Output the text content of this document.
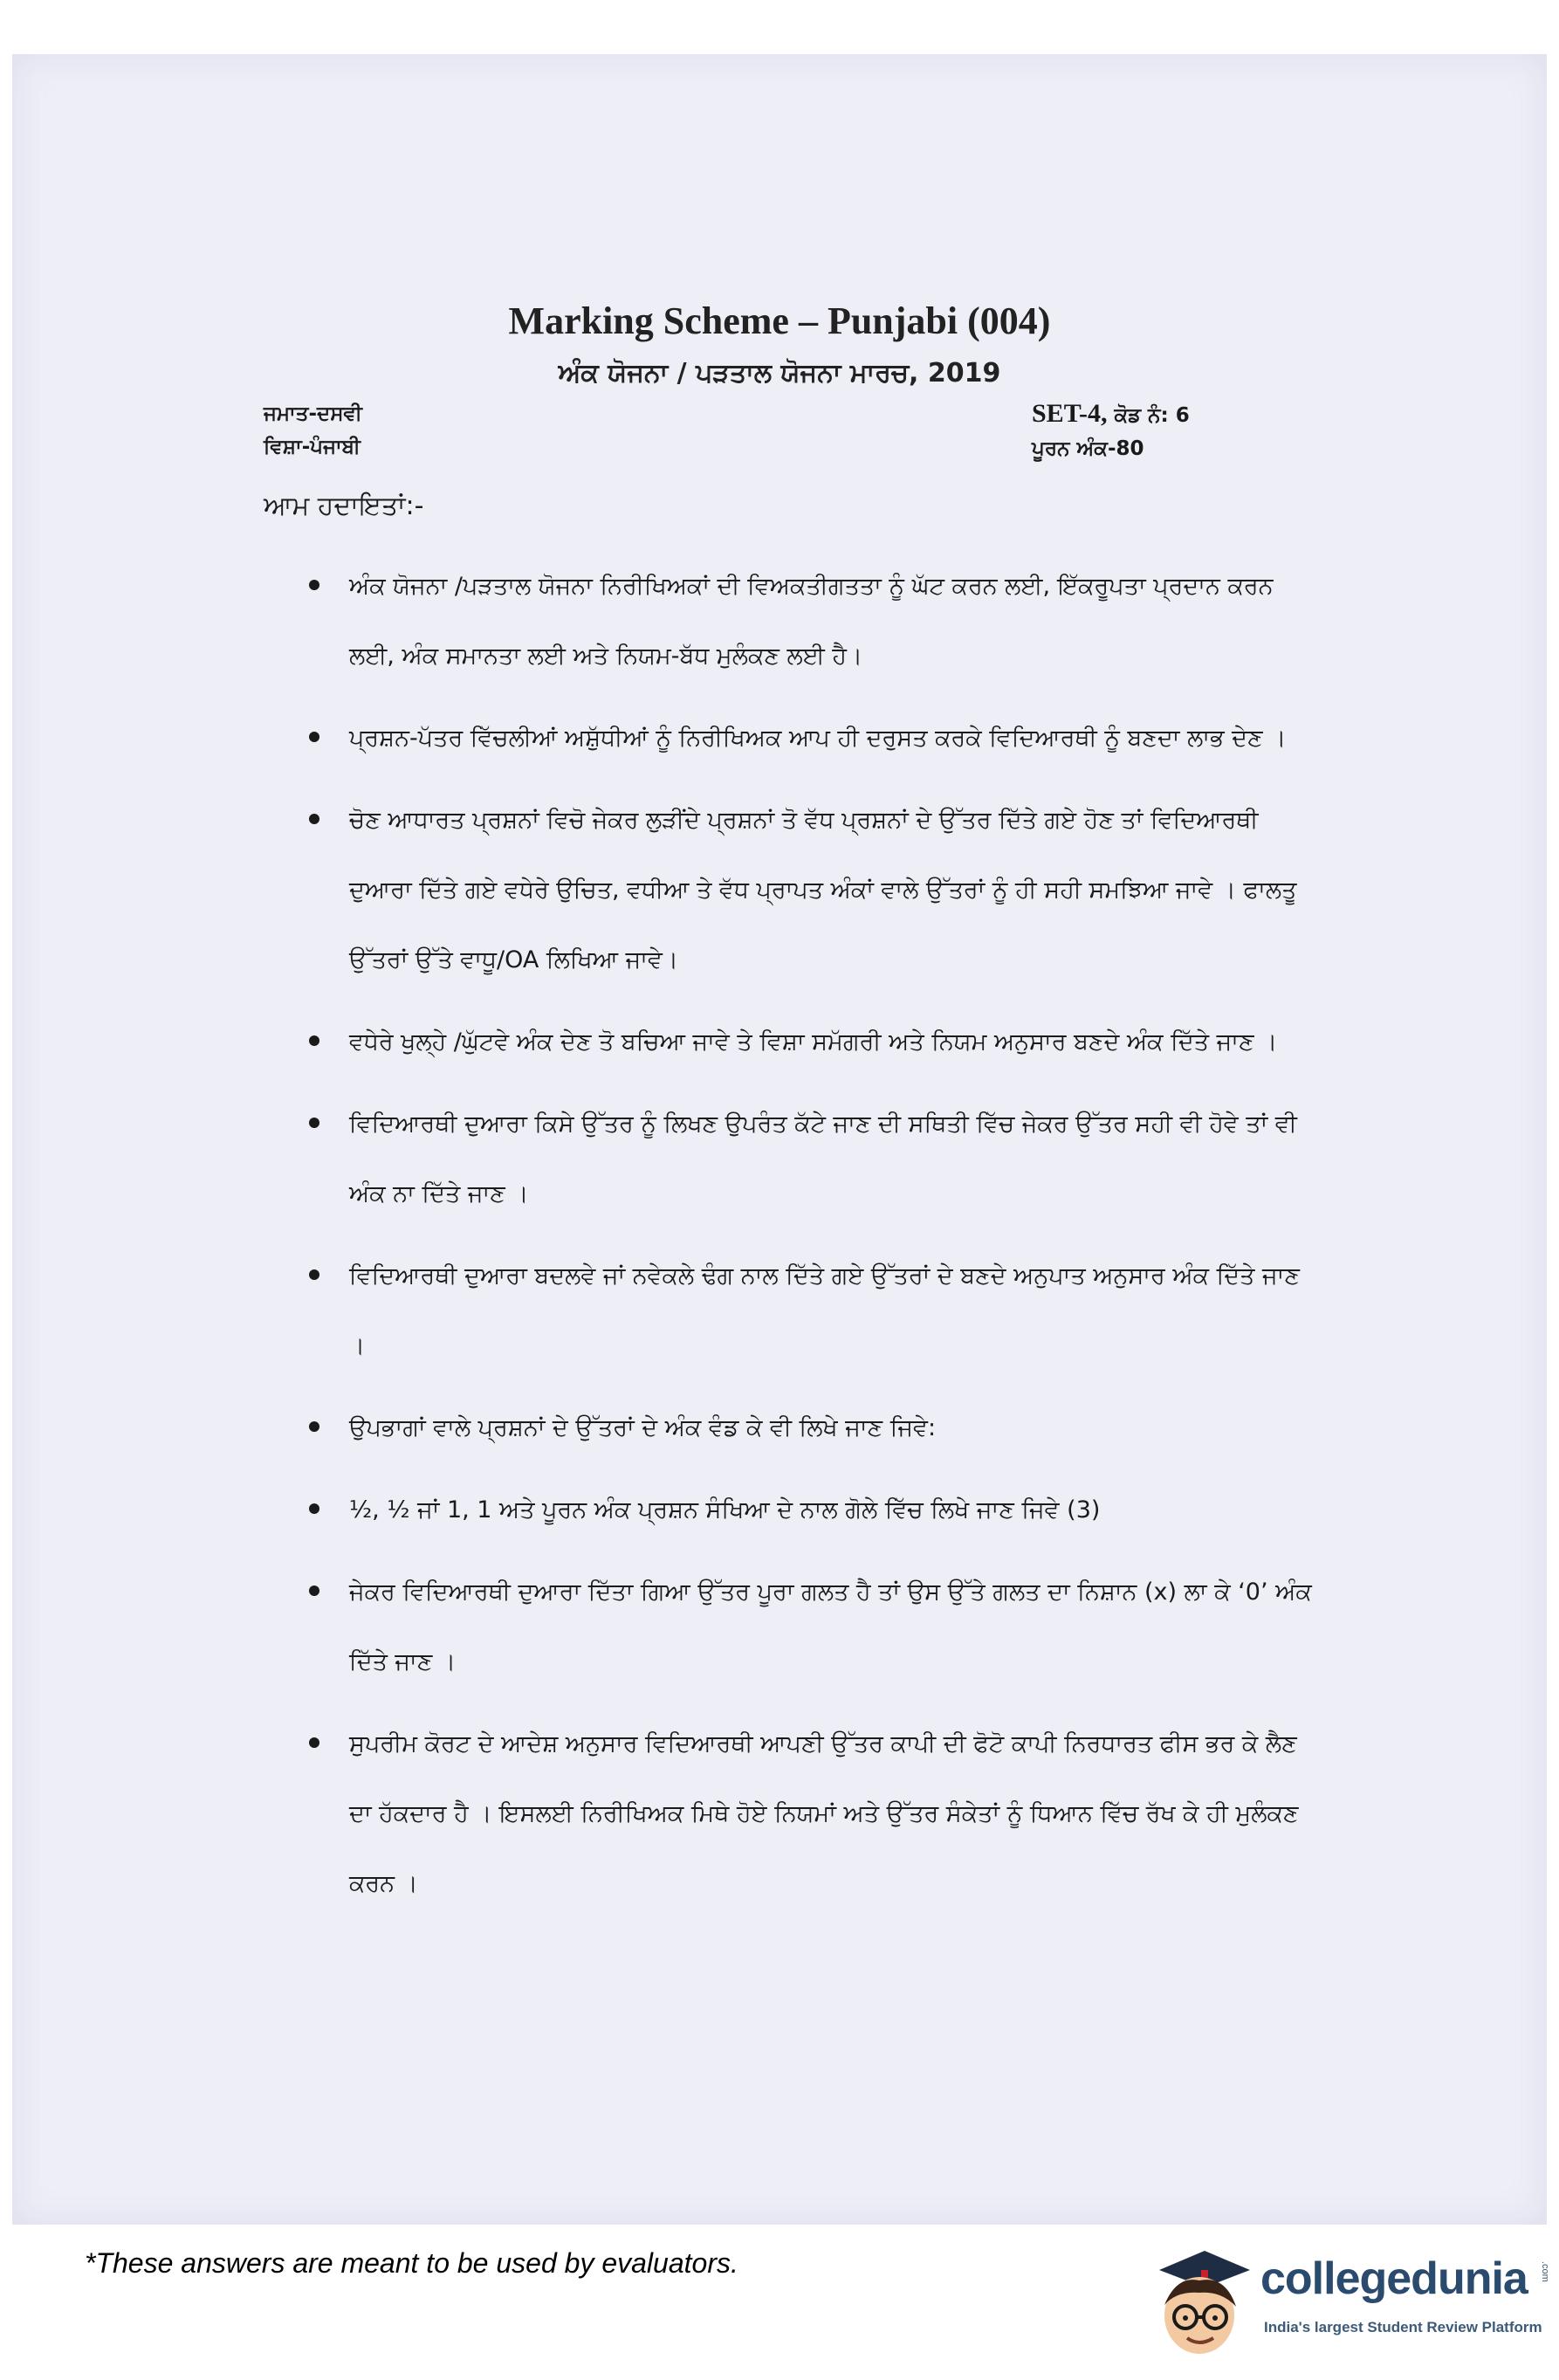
Marking Scheme – Punjabi (004)
ਅੰਕ ਯੋਜਨਾ / ਪੜਤਾਲ ਯੋਜਨਾ ਮਾਰਚ, 2019
ਜਮਾਤ-ਦਸਵੀ
ਵਿਸ਼ਾ-ਪੰਜਾਬੀ
SET-4, ਕੋਡ ਨੰ: 6
ਪੂਰਨ ਅੰਕ-80
ਆਮ ਹਦਾਇਤਾਂ:-
ਅੰਕ ਯੋਜਨਾ /ਪੜਤਾਲ ਯੋਜਨਾ ਨਿਰੀਖਿਅਕਾਂ ਦੀ ਵਿਅਕਤੀਗਤਤਾ ਨੂੰ ਘੱਟ ਕਰਨ ਲਈ, ਇੱਕਰੂਪਤਾ ਪ੍ਰਦਾਨ ਕਰਨ ਲਈ, ਅੰਕ ਸਮਾਨਤਾ ਲਈ ਅਤੇ ਨਿਯਮ-ਬੱਧ ਮੁਲੰਕਣ ਲਈ ਹੈ।
ਪ੍ਰਸ਼ਨ-ਪੱਤਰ ਵਿੱਚਲੀਆਂ ਅਸ਼ੁੱਧੀਆਂ ਨੂੰ ਨਿਰੀਖਿਅਕ ਆਪ ਹੀ ਦਰੁਸਤ ਕਰਕੇ ਵਿਦਿਆਰਥੀ ਨੂੰ ਬਣਦਾ ਲਾਭ ਦੇਣ ।
ਚੋਣ ਆਧਾਰਤ ਪ੍ਰਸ਼ਨਾਂ ਵਿਚੋ ਜੇਕਰ ਲੁੜੀਂਦੇ ਪ੍ਰਸ਼ਨਾਂ ਤੋ ਵੱਧ ਪ੍ਰਸ਼ਨਾਂ ਦੇ ਉੱਤਰ ਦਿੱਤੇ ਗਏ ਹੋਣ ਤਾਂ ਵਿਦਿਆਰਥੀ ਦੁਆਰਾ ਦਿੱਤੇ ਗਏ ਵਧੇਰੇ ਉਚਿਤ, ਵਧੀਆ ਤੇ ਵੱਧ ਪ੍ਰਾਪਤ ਅੰਕਾਂ ਵਾਲੇ ਉੱਤਰਾਂ ਨੂੰ ਹੀ ਸਹੀ ਸਮਝਿਆ ਜਾਵੇ । ਫਾਲਤੂ ਉੱਤਰਾਂ ਉੱਤੇ ਵਾਧੂ/OA ਲਿਖਿਆ ਜਾਵੇ।
ਵਧੇਰੇ ਖੁਲ੍ਹੇ /ਘੁੱਟਵੇ ਅੰਕ ਦੇਣ ਤੋ ਬਚਿਆ ਜਾਵੇ ਤੇ ਵਿਸ਼ਾ ਸਮੱਗਰੀ ਅਤੇ ਨਿਯਮ ਅਨੁਸਾਰ ਬਣਦੇ ਅੰਕ ਦਿੱਤੇ ਜਾਣ ।
ਵਿਦਿਆਰਥੀ ਦੁਆਰਾ ਕਿਸੇ ਉੱਤਰ ਨੂੰ ਲਿਖਣ ਉਪਰੰਤ ਕੱਟੇ ਜਾਣ ਦੀ ਸਥਿਤੀ ਵਿੱਚ ਜੇਕਰ ਉੱਤਰ ਸਹੀ ਵੀ ਹੋਵੇ ਤਾਂ ਵੀ ਅੰਕ ਨਾ ਦਿੱਤੇ ਜਾਣ ।
ਵਿਦਿਆਰਥੀ ਦੁਆਰਾ ਬਦਲਵੇ ਜਾਂ ਨਵੇਕਲੇ ਢੰਗ ਨਾਲ ਦਿੱਤੇ ਗਏ ਉੱਤਰਾਂ ਦੇ ਬਣਦੇ ਅਨੁਪਾਤ ਅਨੁਸਾਰ ਅੰਕ ਦਿੱਤੇ ਜਾਣ ।
ਉਪਭਾਗਾਂ ਵਾਲੇ ਪ੍ਰਸ਼ਨਾਂ ਦੇ ਉੱਤਰਾਂ ਦੇ ਅੰਕ ਵੰਡ ਕੇ ਵੀ ਲਿਖੇ ਜਾਣ ਜਿਵੇ:
½, ½ ਜਾਂ 1, 1 ਅਤੇ ਪੂਰਨ ਅੰਕ ਪ੍ਰਸ਼ਨ ਸੰਖਿਆ ਦੇ ਨਾਲ ਗੋਲੇ ਵਿੱਚ ਲਿਖੇ ਜਾਣ ਜਿਵੇ (3)
ਜੇਕਰ ਵਿਦਿਆਰਥੀ ਦੁਆਰਾ ਦਿੱਤਾ ਗਿਆ ਉੱਤਰ ਪੂਰਾ ਗਲਤ ਹੈ ਤਾਂ ਉਸ ਉੱਤੇ ਗਲਤ ਦਾ ਨਿਸ਼ਾਨ (x) ਲਾ ਕੇ ‘0’ ਅੰਕ ਦਿੱਤੇ ਜਾਣ ।
ਸੁਪਰੀਮ ਕੋਰਟ ਦੇ ਆਦੇਸ਼ ਅਨੁਸਾਰ ਵਿਦਿਆਰਥੀ ਆਪਣੀ ਉੱਤਰ ਕਾਪੀ ਦੀ ਫੋਟੋ ਕਾਪੀ ਨਿਰਧਾਰਤ ਫੀਸ ਭਰ ਕੇ ਲੈਣ ਦਾ ਹੱਕਦਾਰ ਹੈ । ਇਸਲਈ ਨਿਰੀਖਿਅਕ ਮਿਥੇ ਹੋਏ ਨਿਯਮਾਂ ਅਤੇ ਉੱਤਰ ਸੰਕੇਤਾਂ ਨੂੰ ਧਿਆਨ ਵਿੱਚ ਰੱਖ ਕੇ ਹੀ ਮੁਲੰਕਣ ਕਰਨ ।
*These answers are meant to be used by evaluators.	collegedunia .com
India's largest Student Review Platform
